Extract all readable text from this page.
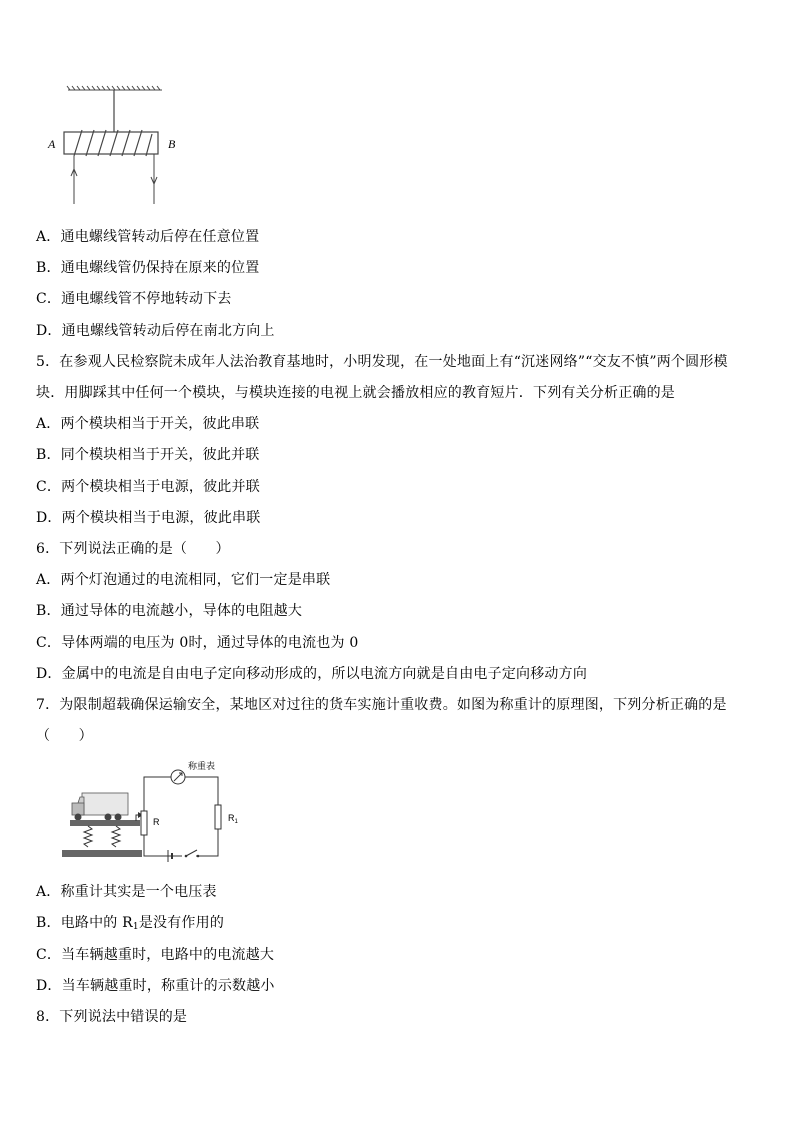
A	B
A．通电螺线管转动后停在任意位置
B．通电螺线管仍保持在原来的位置
C．通电螺线管不停地转动下去
D．通电螺线管转动后停在南北方向上
5．在参观人民检察院未成年人法治教育基地时，小明发现，在一处地面上有“沉迷网络”“交友不慎”两个圆形模
块．用脚踩其中任何一个模块，与模块连接的电视上就会播放相应的教育短片．下列有关分析正确的是
A．两个模块相当于开关，彼此串联
B．同个模块相当于开关，彼此并联
C．两个模块相当于电源，彼此并联
D．两个模块相当于电源，彼此串联
6．下列说法正确的是（　　）
A．两个灯泡通过的电流相同，它们一定是串联
B．通过导体的电流越小，导体的电阻越大
C．导体两端的电压为 0时，通过导体的电流也为 0
D．金属中的电流是自由电子定向移动形成的，所以电流方向就是自由电子定向移动方向
7．为限制超载确保运输安全，某地区对过往的货车实施计重收费。如图为称重计的原理图，下列分析正确的是
（　　）
R
称重表
$R_1$
A．称重计其实是一个电压表
B．电路中的 $R_1$是没有作用的
C．当车辆越重时，电路中的电流越大
D．当车辆越重时，称重计的示数越小
8．下列说法中错误的是
